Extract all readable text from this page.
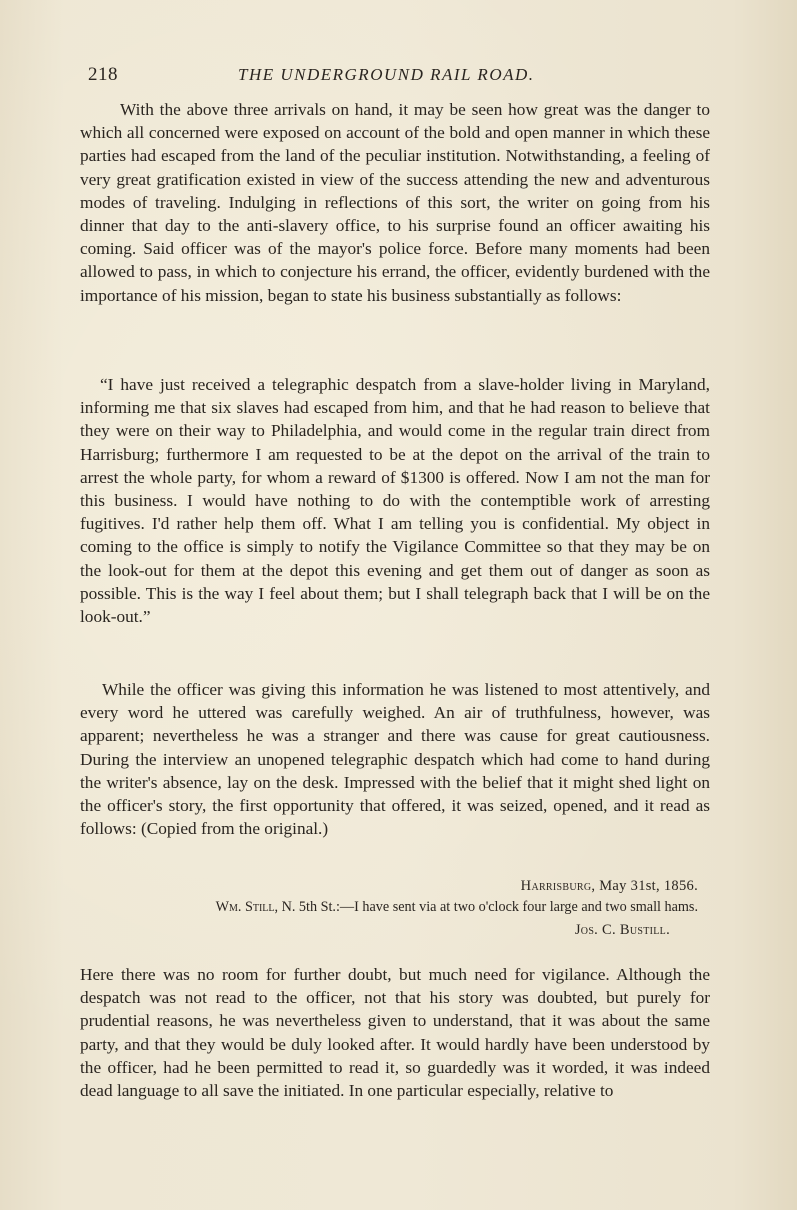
218	THE UNDERGROUND RAIL ROAD.
With the above three arrivals on hand, it may be seen how great was the danger to which all concerned were exposed on account of the bold and open manner in which these parties had escaped from the land of the peculiar institution. Notwithstanding, a feeling of very great gratification existed in view of the success attending the new and adventurous modes of traveling. Indulging in reflections of this sort, the writer on going from his dinner that day to the anti-slavery office, to his surprise found an officer awaiting his coming. Said officer was of the mayor's police force. Before many moments had been allowed to pass, in which to conjecture his errand, the officer, evidently burdened with the importance of his mission, began to state his business substantially as follows:
“I have just received a telegraphic despatch from a slave-holder living in Maryland, informing me that six slaves had escaped from him, and that he had reason to believe that they were on their way to Philadelphia, and would come in the regular train direct from Harrisburg; furthermore I am requested to be at the depot on the arrival of the train to arrest the whole party, for whom a reward of $1300 is offered. Now I am not the man for this business. I would have nothing to do with the contemptible work of arresting fugitives. I'd rather help them off. What I am telling you is confidential. My object in coming to the office is simply to notify the Vigilance Committee so that they may be on the look-out for them at the depot this evening and get them out of danger as soon as possible. This is the way I feel about them; but I shall telegraph back that I will be on the look-out.”
While the officer was giving this information he was listened to most attentively, and every word he uttered was carefully weighed. An air of truthfulness, however, was apparent; nevertheless he was a stranger and there was cause for great cautiousness. During the interview an unopened telegraphic despatch which had come to hand during the writer's absence, lay on the desk. Impressed with the belief that it might shed light on the officer's story, the first opportunity that offered, it was seized, opened, and it read as follows: (Copied from the original.)
Harrisburg, May 31st, 1856.
Wm. Still, N. 5th St.:—I have sent via at two o'clock four large and two small hams.
Jos. C. Bustill.
Here there was no room for further doubt, but much need for vigilance. Although the despatch was not read to the officer, not that his story was doubted, but purely for prudential reasons, he was nevertheless given to understand, that it was about the same party, and that they would be duly looked after. It would hardly have been understood by the officer, had he been permitted to read it, so guardedly was it worded, it was indeed dead language to all save the initiated. In one particular especially, relative to
